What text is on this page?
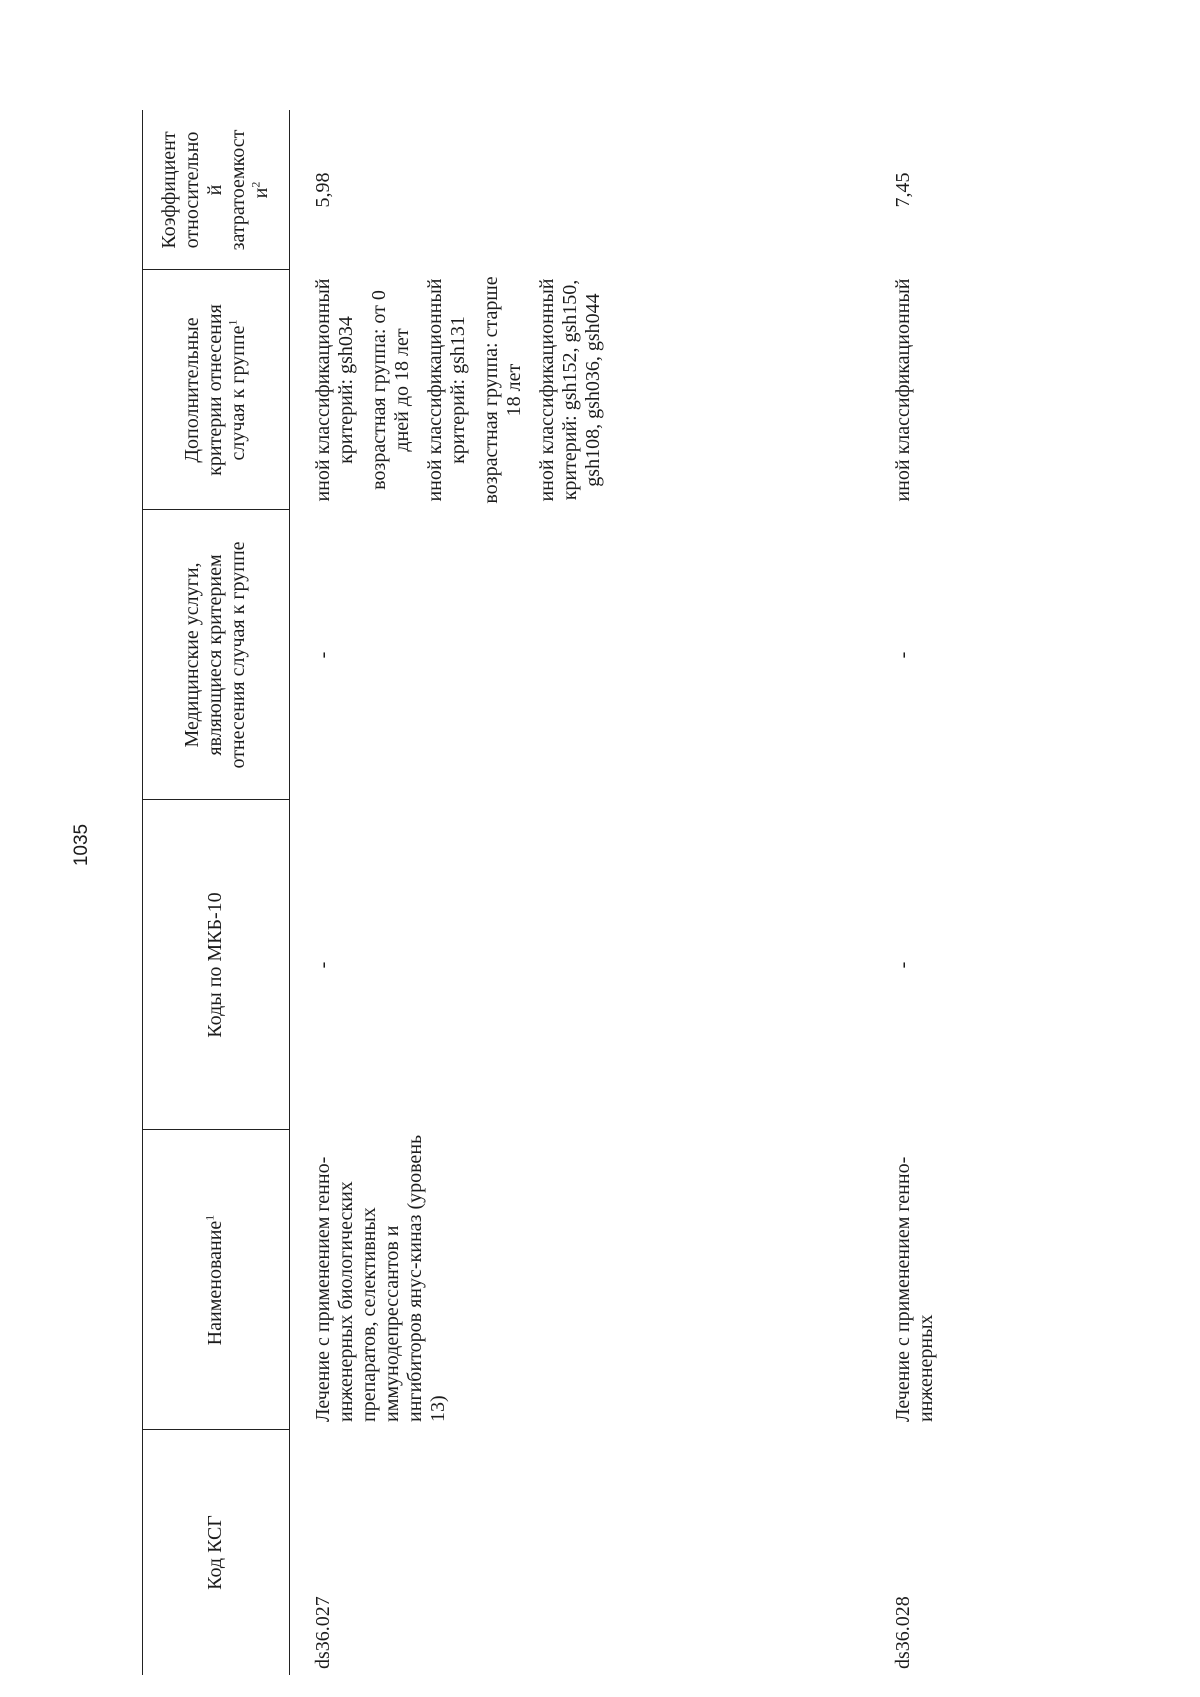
1035
Код КСГ
Наименование$^1$
Коды по МКБ-10
Медицинские услуги, являющиеся критерием отнесения случая к группе
Дополнительные критерии отнесения случая к группе$^1$
Коэффициент относительно й затратоемкост $и^2$
ds36.027
Лечение с применением генно-инженерных биологических препаратов, селективных иммунодепрессантов и ингибиторов янус-киназ (уровень 13)
-
-

иной классификационный критерий: gsh034 возрастная группа: от 0 дней до 18 лет иной классификационный критерий: gsh131 возрастная группа: старше 18 лет иной классификационный критерий: gsh152, gsh150, gsh108, gsh036, gsh044

5,98
ds36.028
Лечение с применением генно-инженерных
-
-

иной классификационный

7,45
